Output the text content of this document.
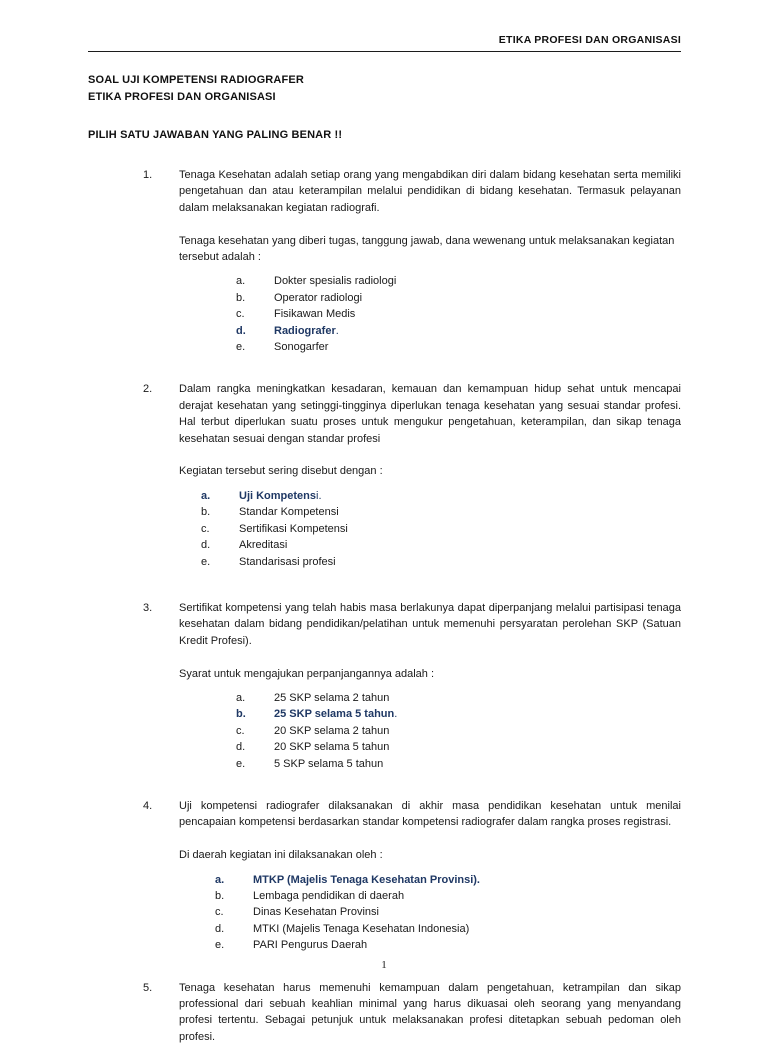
ETIKA PROFESI DAN ORGANISASI
SOAL UJI KOMPETENSI RADIOGRAFER
ETIKA PROFESI DAN ORGANISASI
PILIH SATU JAWABAN YANG PALING BENAR !!
1.	Tenaga Kesehatan adalah setiap orang yang mengabdikan diri dalam bidang kesehatan serta memiliki pengetahuan dan atau keterampilan melalui pendidikan di bidang kesehatan. Termasuk pelayanan dalam melaksanakan kegiatan radiografi.

Tenaga kesehatan yang diberi tugas, tanggung jawab, dana wewenang untuk melaksanakan kegiatan tersebut adalah :

a.	Dokter spesialis radiologi
b.	Operator radiologi
c.	Fisikawan Medis
d.	Radiografer.
e.	Sonogarfer
2.	Dalam rangka meningkatkan kesadaran, kemauan dan kemampuan hidup sehat untuk mencapai derajat kesehatan yang setinggi-tingginya diperlukan tenaga kesehatan yang sesuai standar profesi. Hal terbut diperlukan suatu proses untuk mengukur pengetahuan, keterampilan, dan sikap tenaga kesehatan sesuai dengan standar profesi

Kegiatan tersebut sering disebut dengan :

a.	Uji Kompetensi.
b.	Standar Kompetensi
c.	Sertifikasi Kompetensi
d.	Akreditasi
e.	Standarisasi profesi
3.	Sertifikat kompetensi yang telah habis masa berlakunya dapat diperpanjang melalui partisipasi tenaga kesehatan dalam bidang pendidikan/pelatihan untuk memenuhi persyaratan perolehan SKP (Satuan Kredit Profesi).

Syarat untuk mengajukan perpanjangannya adalah :

a.	25 SKP selama 2 tahun
b.	25 SKP selama 5 tahun.
c.	20 SKP selama 2 tahun
d.	20 SKP selama 5 tahun
e.	5 SKP selama 5 tahun
4.	Uji kompetensi radiografer dilaksanakan di akhir masa pendidikan kesehatan untuk menilai pencapaian kompetensi berdasarkan standar kompetensi radiografer dalam rangka proses registrasi.

Di daerah kegiatan ini dilaksanakan oleh :

a.	MTKP (Majelis Tenaga Kesehatan Provinsi).
b.	Lembaga pendidikan di daerah
c.	Dinas Kesehatan Provinsi
d.	MTKI (Majelis Tenaga Kesehatan Indonesia)
e.	PARI Pengurus Daerah
5.	Tenaga kesehatan harus memenuhi kemampuan dalam pengetahuan, ketrampilan dan sikap professional dari sebuah keahlian minimal yang harus dikuasai oleh seorang yang menyandang profesi tertentu. Sebagai petunjuk untuk melaksanakan profesi ditetapkan sebuah pedoman oleh profesi.

1
